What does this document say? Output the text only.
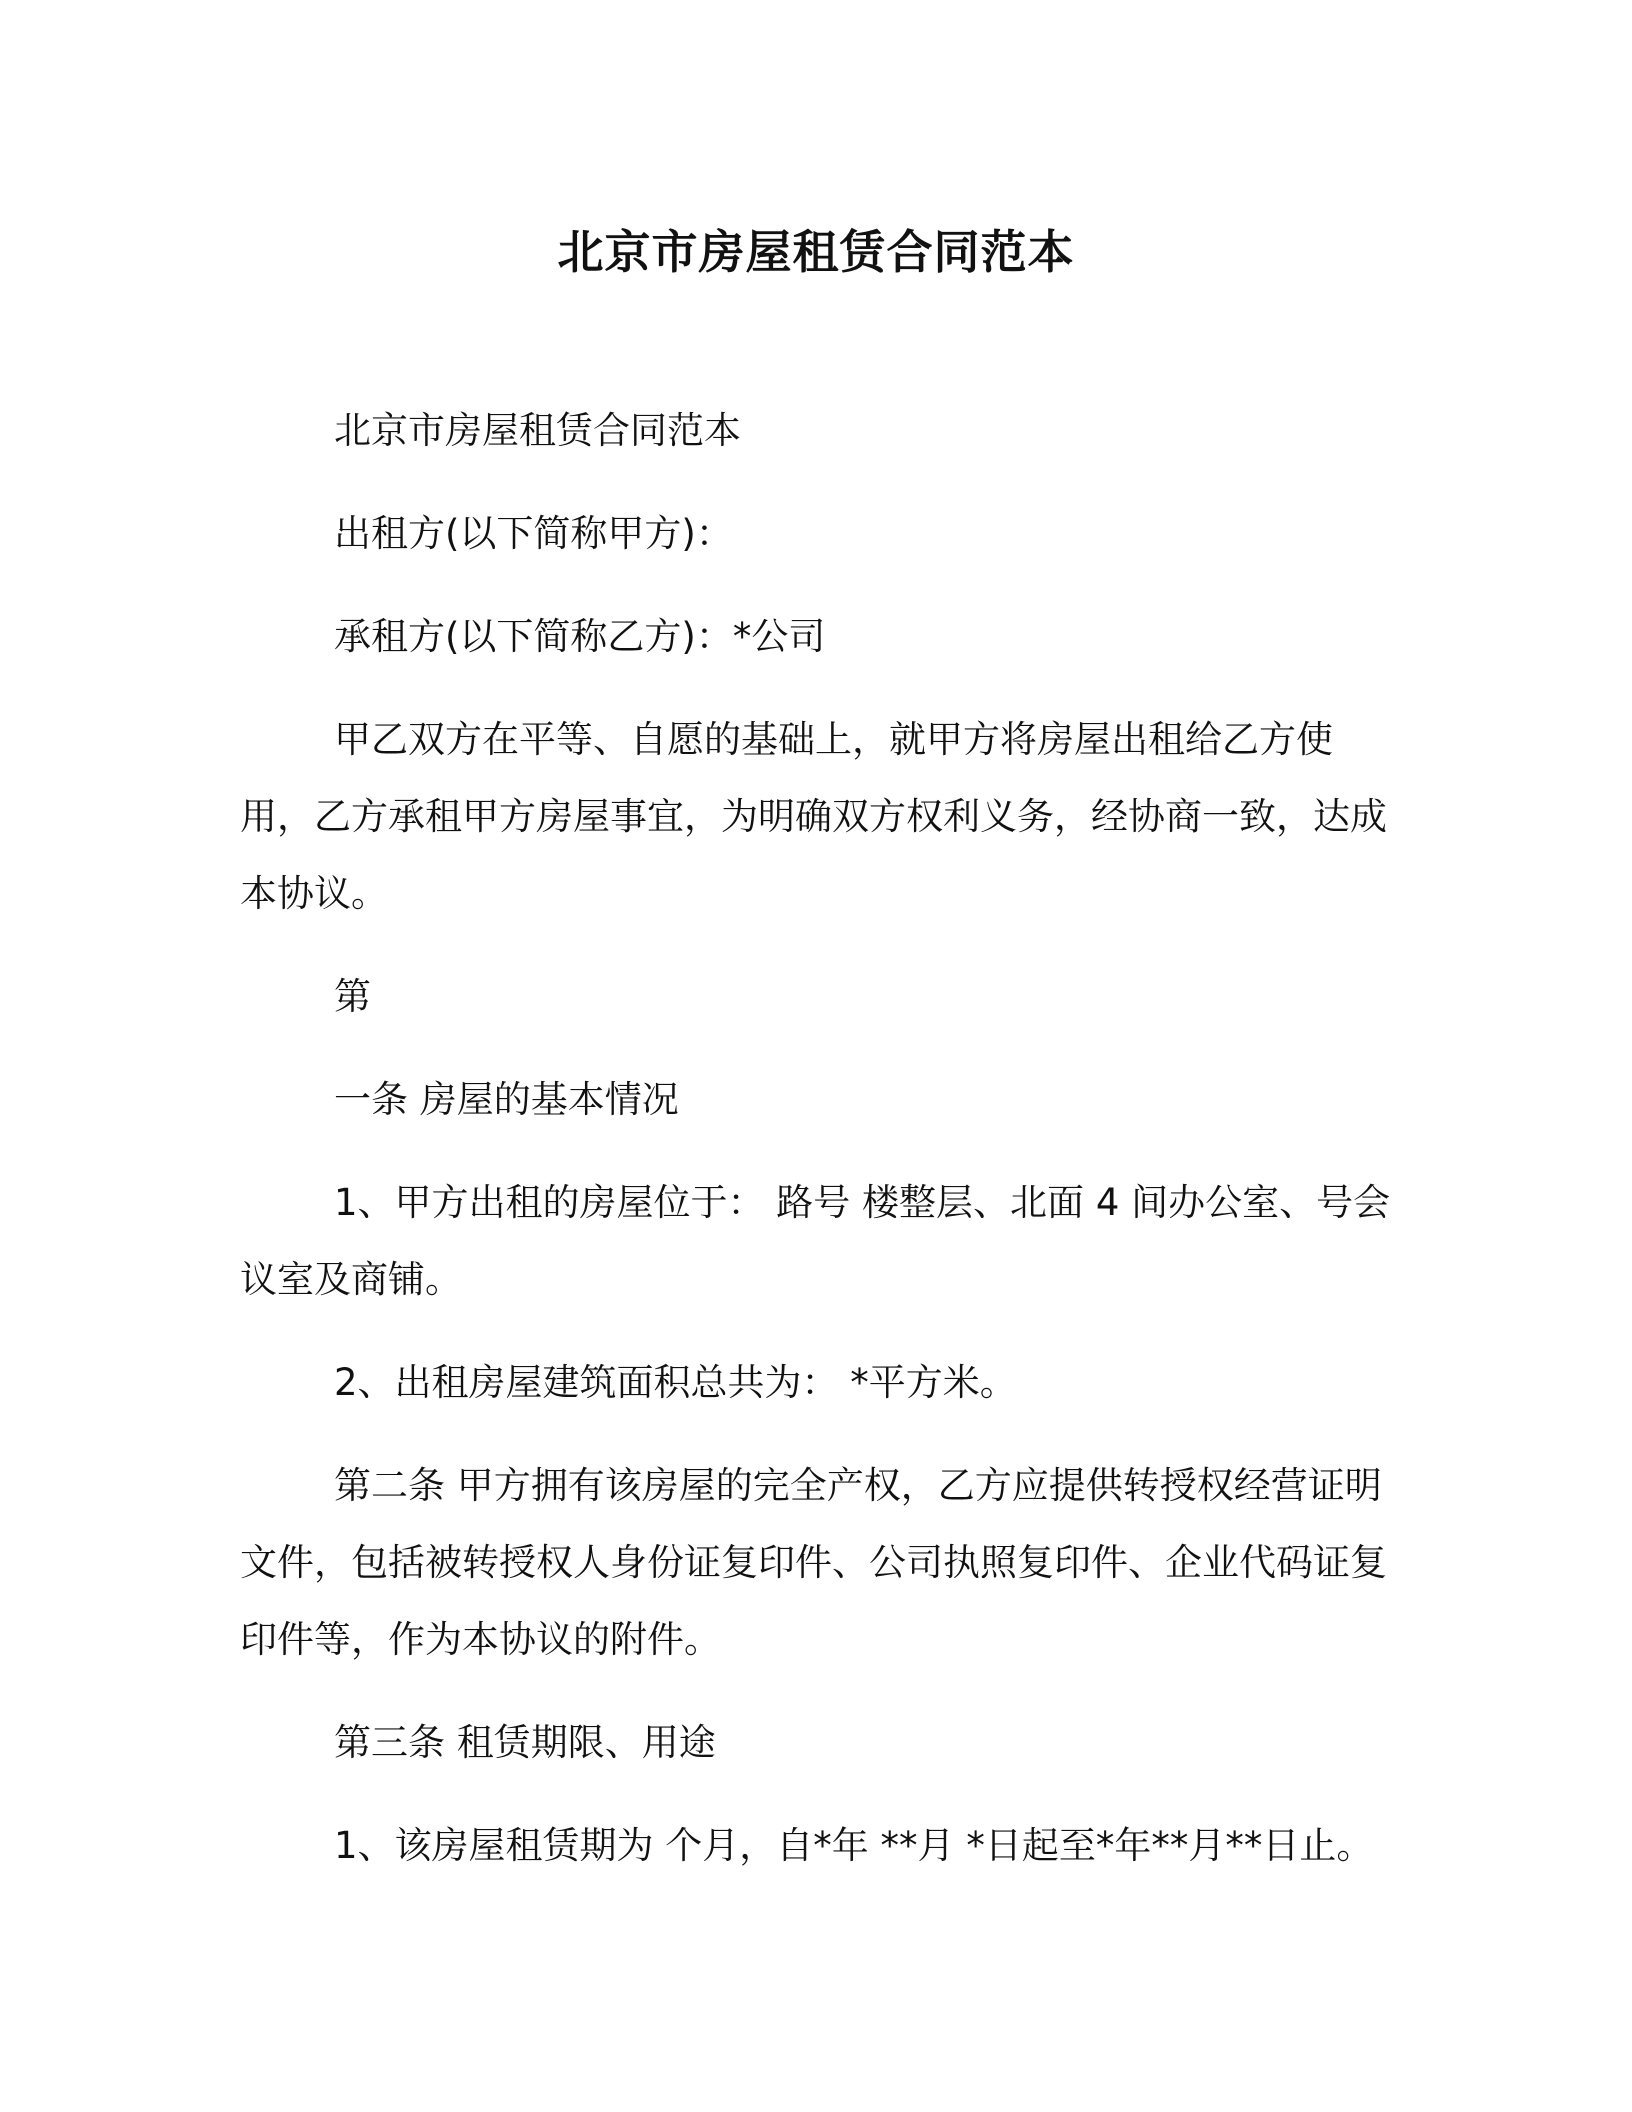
北京市房屋租赁合同范本

北京市房屋租赁合同范本

出租方(以下简称甲方)：

承租方(以下简称乙方)：*公司

甲乙双方在平等、自愿的基础上，就甲方将房屋出租给乙方使用，乙方承租甲方房屋事宜，为明确双方权利义务，经协商一致，达成本协议。

第

一条 房屋的基本情况

1、甲方出租的房屋位于： 路号 楼整层、北面 4 间办公室、号会议室及商铺。

2、出租房屋建筑面积总共为： *平方米。

第二条 甲方拥有该房屋的完全产权，乙方应提供转授权经营证明文件，包括被转授权人身份证复印件、公司执照复印件、企业代码证复印件等，作为本协议的附件。

第三条 租赁期限、用途

1、该房屋租赁期为 个月，自*年 **月 *日起至*年**月**日止。
